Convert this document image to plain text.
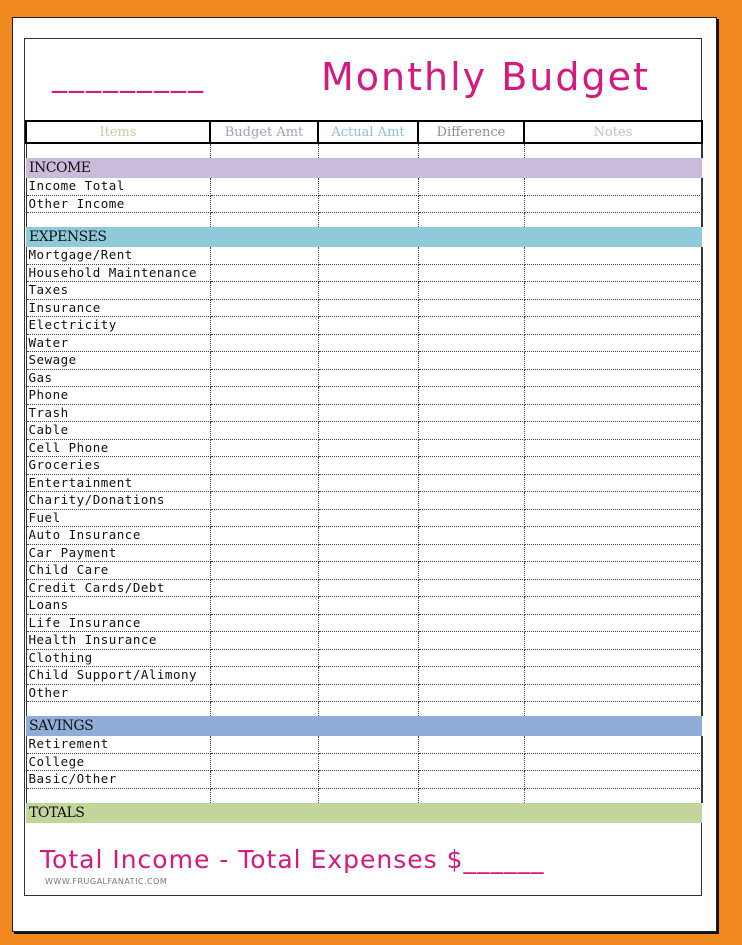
_________	Monthly Budget
Items	Budget Amt	Actual Amt	Difference	Notes

INCOME				
Income Total				
Other Income				

EXPENSES				
Mortgage/Rent				
Household Maintenance				
Taxes				
Insurance				
Electricity				
Water				
Sewage				
Gas				
Phone				
Trash				
Cable				
Cell Phone				
Groceries				
Entertainment				
Charity/Donations				
Fuel				
Auto Insurance				
Car Payment				
Child Care				
Credit Cards/Debt				
Loans				
Life Insurance				
Health Insurance				
Clothing				
Child Support/Alimony				
Other				

SAVINGS				
Retirement				
College				
Basic/Other				

TOTALS				
Total Income - Total Expenses $______
WWW.FRUGALFANATIC.COM
